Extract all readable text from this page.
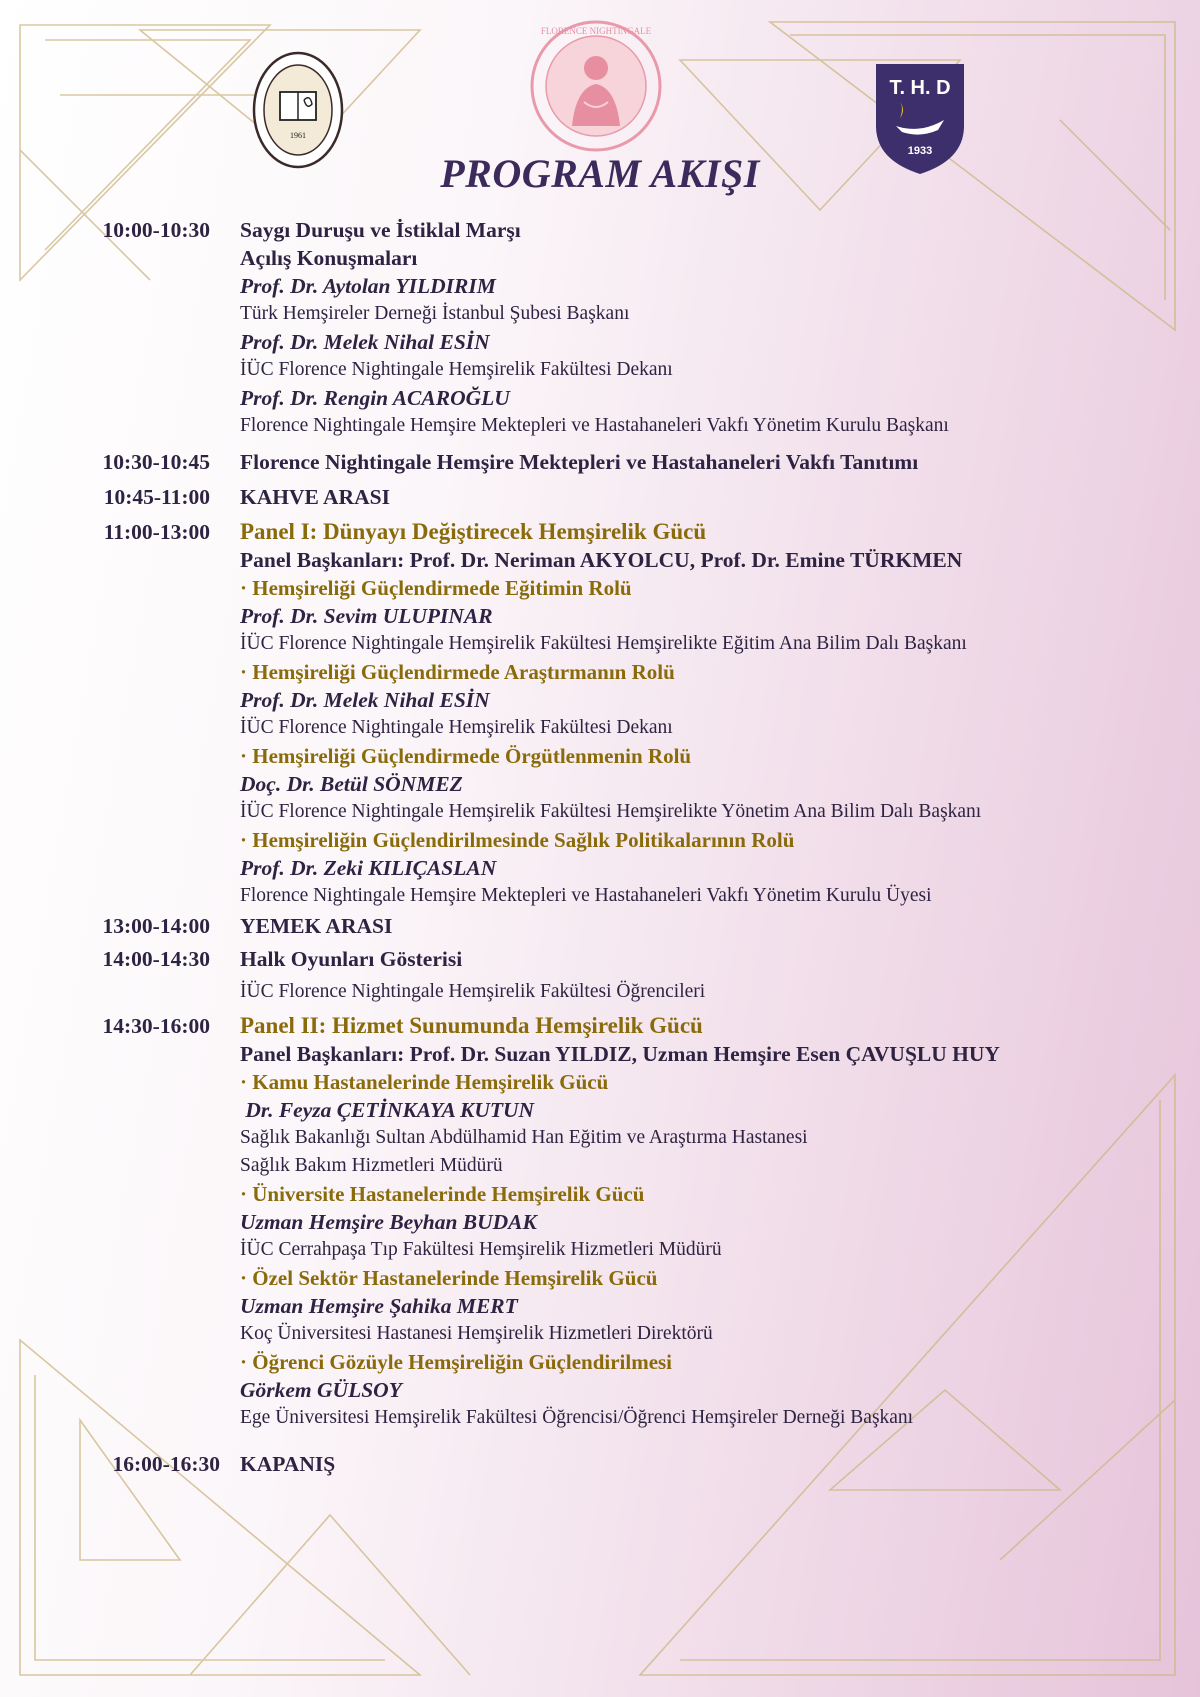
1961
FLORENCE NIGHTINGALE
T. H. D
1933
PROGRAM AKIŞI
10:00-10:30 Saygı Duruşu ve İstiklal Marşı
Açılış Konuşmaları
Prof. Dr. Aytolan YILDIRIM
Türk Hemşireler Derneği İstanbul Şubesi Başkanı
Prof. Dr. Melek Nihal ESİN
İÜC Florence Nightingale Hemşirelik Fakültesi Dekanı
Prof. Dr. Rengin ACAROĞLU
Florence Nightingale Hemşire Mektepleri ve Hastahaneleri Vakfı Yönetim Kurulu Başkanı
10:30-10:45 Florence Nightingale Hemşire Mektepleri ve Hastahaneleri Vakfı Tanıtımı
10:45-11:00 KAHVE ARASI
11:00-13:00 Panel I: Dünyayı Değiştirecek Hemşirelik Gücü
Panel Başkanları: Prof. Dr. Neriman AKYOLCU, Prof. Dr. Emine TÜRKMEN
· Hemşireliği Güçlendirmede Eğitimin Rolü
Prof. Dr. Sevim ULUPINAR
İÜC Florence Nightingale Hemşirelik Fakültesi Hemşirelikte Eğitim Ana Bilim Dalı Başkanı
· Hemşireliği Güçlendirmede Araştırmanın Rolü
Prof. Dr. Melek Nihal ESİN
İÜC Florence Nightingale Hemşirelik Fakültesi Dekanı
· Hemşireliği Güçlendirmede Örgütlenmenin Rolü
Doç. Dr. Betül SÖNMEZ
İÜC Florence Nightingale Hemşirelik Fakültesi Hemşirelikte Yönetim Ana Bilim Dalı Başkanı
· Hemşireliğin Güçlendirilmesinde Sağlık Politikalarının Rolü
Prof. Dr. Zeki KILIÇASLAN
Florence Nightingale Hemşire Mektepleri ve Hastahaneleri Vakfı Yönetim Kurulu Üyesi
13:00-14:00 YEMEK ARASI
14:00-14:30 Halk Oyunları Gösterisi
İÜC Florence Nightingale Hemşirelik Fakültesi Öğrencileri
14:30-16:00 Panel II: Hizmet Sunumunda Hemşirelik Gücü
Panel Başkanları: Prof. Dr. Suzan YILDIZ, Uzman Hemşire Esen ÇAVUŞLU HUY
· Kamu Hastanelerinde Hemşirelik Gücü
Dr. Feyza ÇETİNKAYA KUTUN
Sağlık Bakanlığı Sultan Abdülhamid Han Eğitim ve Araştırma Hastanesi
Sağlık Bakım Hizmetleri Müdürü
· Üniversite Hastanelerinde Hemşirelik Gücü
Uzman Hemşire Beyhan BUDAK
İÜC Cerrahpaşa Tıp Fakültesi Hemşirelik Hizmetleri Müdürü
· Özel Sektör Hastanelerinde Hemşirelik Gücü
Uzman Hemşire Şahika MERT
Koç Üniversitesi Hastanesi Hemşirelik Hizmetleri Direktörü
· Öğrenci Gözüyle Hemşireliğin Güçlendirilmesi
Görkem GÜLSOY
Ege Üniversitesi Hemşirelik Fakültesi Öğrencisi/Öğrenci Hemşireler Derneği Başkanı
16:00-16:30 KAPANIŞ
